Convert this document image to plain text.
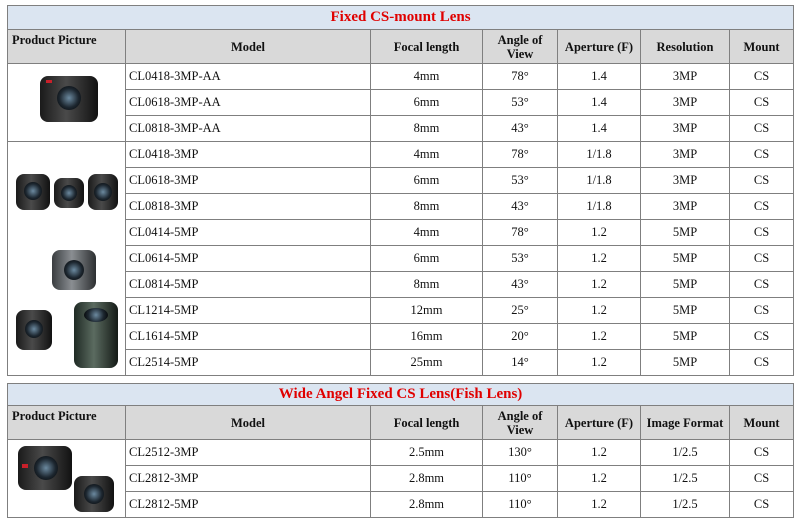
Fixed CS-mount Lens						
Product Picture	Model	Focal length	Angle of View	Aperture (F)	Resolution	Mount

	CL0418-3MP-AA	4mm	78°	1.4	3MP	CS
	CL0618-3MP-AA	6mm	53°	1.4	3MP	CS
	CL0818-3MP-AA	8mm	43°	1.4	3MP	CS

	CL0418-3MP	4mm	78°	1/1.8	3MP	CS
	CL0618-3MP	6mm	53°	1/1.8	3MP	CS
	CL0818-3MP	8mm	43°	1/1.8	3MP	CS
	CL0414-5MP	4mm	78°	1.2	5MP	CS
	CL0614-5MP	6mm	53°	1.2	5MP	CS
	CL0814-5MP	8mm	43°	1.2	5MP	CS
	CL1214-5MP	12mm	25°	1.2	5MP	CS
	CL1614-5MP	16mm	20°	1.2	5MP	CS
	CL2514-5MP	25mm	14°	1.2	5MP	CS
Wide Angel Fixed CS Lens(Fish Lens)						
Product Picture	Model	Focal length	Angle of View	Aperture (F)	Image Format	Mount

	CL2512-3MP	2.5mm	130°	1.2	1/2.5	CS
	CL2812-3MP	2.8mm	110°	1.2	1/2.5	CS
	CL2812-5MP	2.8mm	110°	1.2	1/2.5	CS
